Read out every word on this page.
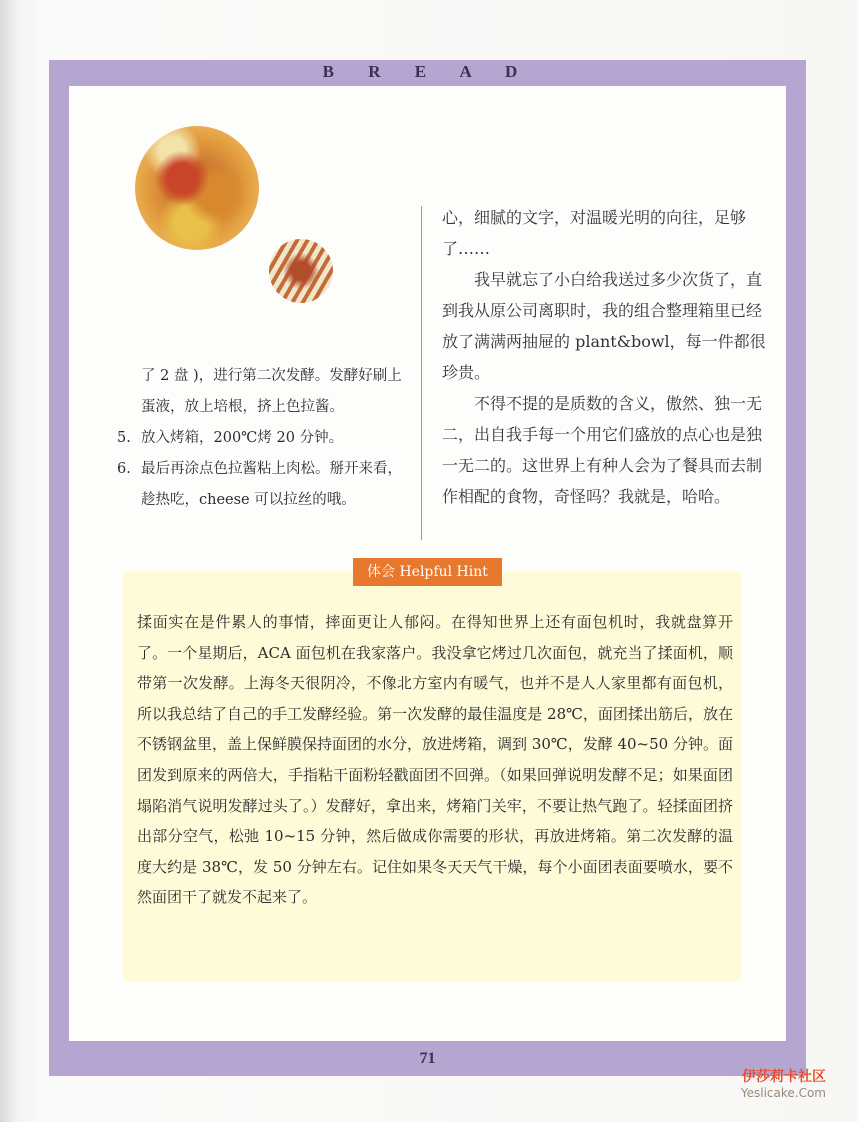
B R E A D

了 2 盘 )，进行第二次发酵。发酵好刷上蛋液，放上培根，挤上色拉酱。

5. 放入烤箱，200℃烤 20 分钟。
6. 最后再涂点色拉酱粘上肉松。掰开来看，趁热吃，cheese 可以拉丝的哦。

心，细腻的文字，对温暖光明的向往，足够了……

　　我早就忘了小白给我送过多少次货了，直到我从原公司离职时，我的组合整理箱里已经放了满满两抽屉的 plant&bowl，每一件都很珍贵。

　　不得不提的是质数的含义，傲然、独一无二，出自我手每一个用它们盛放的点心也是独一无二的。这世界上有种人会为了餐具而去制作相配的食物，奇怪吗？我就是，哈哈。

体会 Helpful Hint

揉面实在是件累人的事情，摔面更让人郁闷。在得知世界上还有面包机时，我就盘算开了。一个星期后，ACA 面包机在我家落户。我没拿它烤过几次面包，就充当了揉面机，顺带第一次发酵。上海冬天很阴冷，不像北方室内有暖气，也并不是人人家里都有面包机，所以我总结了自己的手工发酵经验。第一次发酵的最佳温度是 28℃，面团揉出筋后，放在不锈钢盆里，盖上保鲜膜保持面团的水分，放进烤箱，调到 30℃，发酵 40~50 分钟。面团发到原来的两倍大，手指粘干面粉轻戳面团不回弹。（如果回弹说明发酵不足；如果面团塌陷消气说明发酵过头了。）发酵好，拿出来，烤箱门关牢，不要让热气跑了。轻揉面团挤出部分空气，松弛 10~15 分钟，然后做成你需要的形状，再放进烤箱。第二次发酵的温度大约是 38℃，发 50 分钟左右。记住如果冬天天气干燥，每个小面团表面要喷水，要不然面团干了就发不起来了。

71
伊莎莉卡社区
Yeslicake.Com
